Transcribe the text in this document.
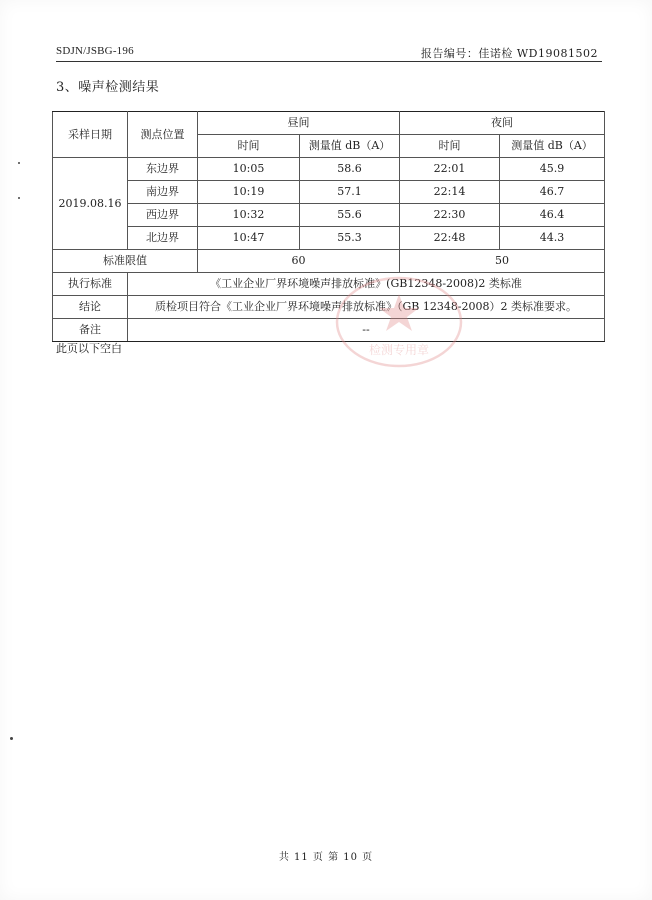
SDJN/JSBG-196	报告编号：佳诺检 WD19081502
3、噪声检测结果
采样日期	测点位置	昼间		夜间	
		时间	测量值 dB（A）	时间	测量值 dB（A）
2019.08.16	东边界	10:05	58.6	22:01	45.9
	南边界	10:19	57.1	22:14	46.7
	西边界	10:32	55.6	22:30	46.4
	北边界	10:47	55.3	22:48	44.3
标准限值		60		50	
执行标准	《工业企业厂界环境噪声排放标准》(GB12348-2008)2 类标准				
结论	质检项目符合《工业企业厂界环境噪声排放标准》（GB 12348-2008）2 类标准要求。				
备注	--				
此页以下空白	检测专用章
共 11 页 第 10 页
